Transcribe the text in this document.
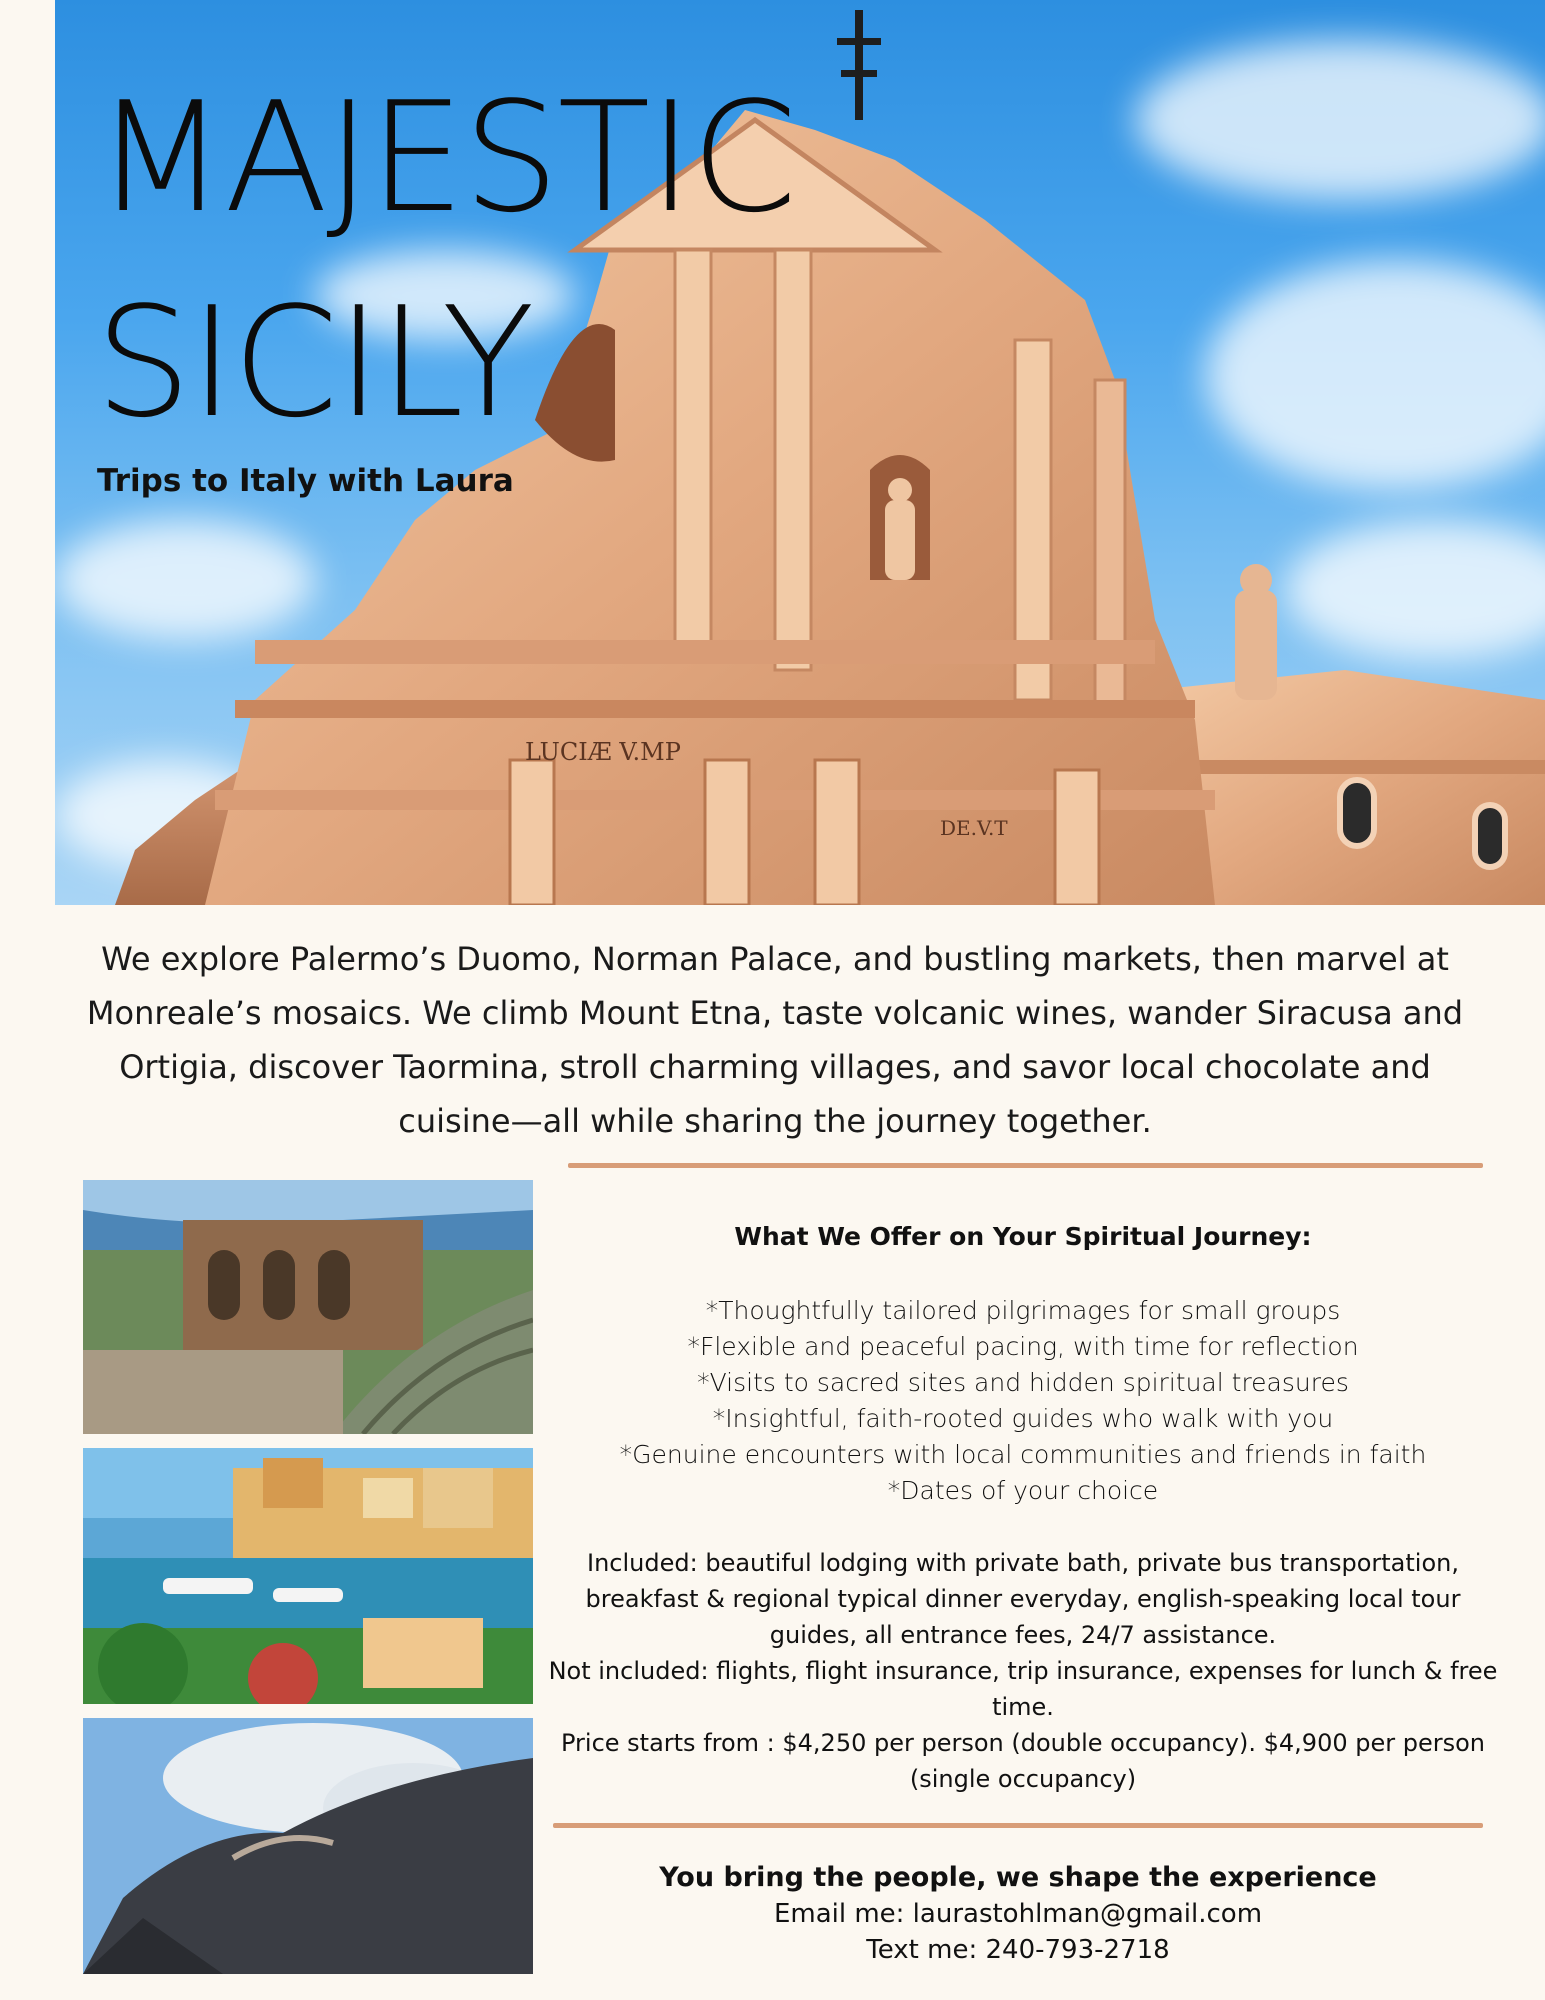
LUCIÆ V.MP
DE.V.T
MAJESTIC
SICILY

Trips to Italy with Laura

We explore Palermo’s Duomo, Norman Palace, and bustling markets, then marvel at Monreale’s mosaics. We climb Mount Etna, taste volcanic wines, wander Siracusa and Ortigia, discover Taormina, stroll charming villages, and savor local chocolate and cuisine—all while sharing the journey together.

What We Offer on Your Spiritual Journey:

*Thoughtfully tailored pilgrimages for small groups
*Flexible and peaceful pacing, with time for reflection
*Visits to sacred sites and hidden spiritual treasures
*Insightful, faith-rooted guides who walk with you
*Genuine encounters with local communities and friends in faith
*Dates of your choice

Included: beautiful lodging with private bath, private bus transportation, breakfast & regional typical dinner everyday, english-speaking local tour guides, all entrance fees, 24/7 assistance.

Not included: flights, flight insurance, trip insurance, expenses for lunch & free time.

Price starts from : $4,250 per person (double occupancy). $4,900 per person (single occupancy)

You bring the people, we shape the experience

Email me: laurastohlman@gmail.com

Text me: 240-793-2718
